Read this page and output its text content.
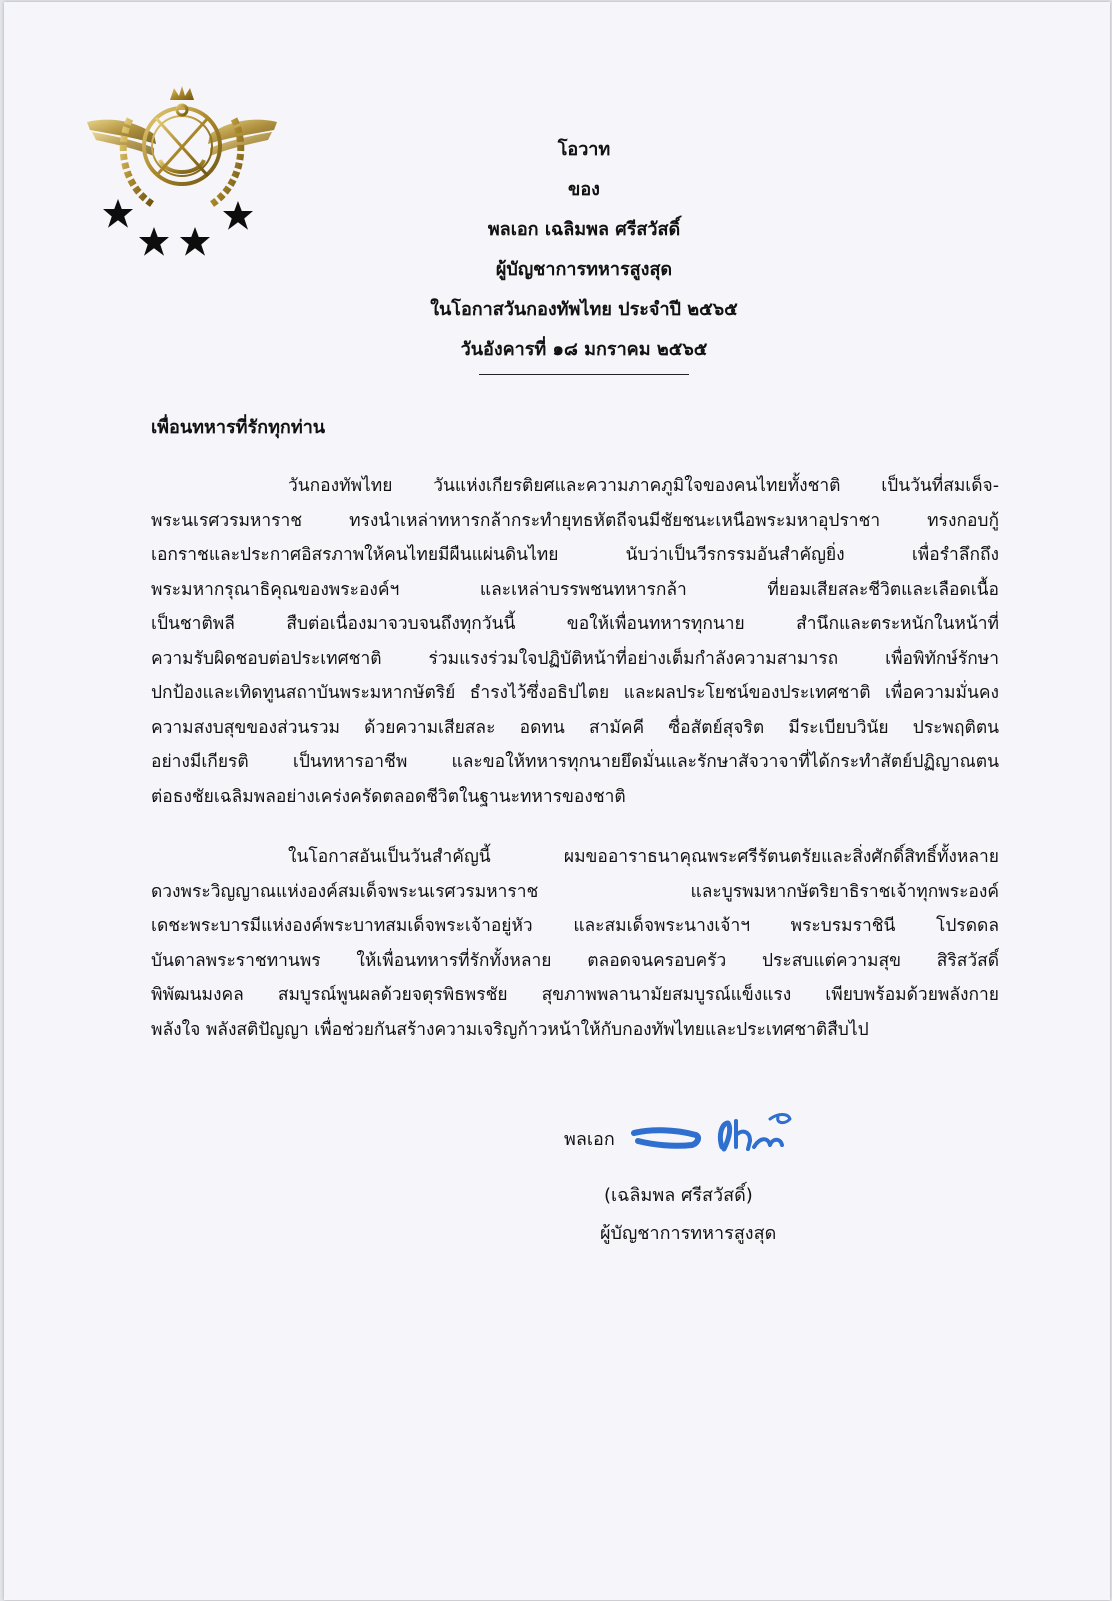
โอวาท
ของ
พลเอก เฉลิมพล ศรีสวัสดิ์
ผู้บัญชาการทหารสูงสุด
ในโอกาสวันกองทัพไทย ประจำปี ๒๕๖๕
วันอังคารที่ ๑๘ มกราคม ๒๕๖๕
เพื่อนทหารที่รักทุกท่าน
วันกองทัพไทย วันแห่งเกียรติยศและความภาคภูมิใจของคนไทยทั้งชาติ เป็นวันที่สมเด็จ-
พระนเรศวรมหาราช ทรงนำเหล่าทหารกล้ากระทำยุทธหัตถีจนมีชัยชนะเหนือพระมหาอุปราชา ทรงกอบกู้
เอกราชและประกาศอิสรภาพให้คนไทยมีผืนแผ่นดินไทย นับว่าเป็นวีรกรรมอันสำคัญยิ่ง เพื่อรำลึกถึง
พระมหากรุณาธิคุณของพระองค์ฯ และเหล่าบรรพชนทหารกล้า ที่ยอมเสียสละชีวิตและเลือดเนื้อ
เป็นชาติพลี สืบต่อเนื่องมาจวบจนถึงทุกวันนี้ ขอให้เพื่อนทหารทุกนาย สำนึกและตระหนักในหน้าที่
ความรับผิดชอบต่อประเทศชาติ ร่วมแรงร่วมใจปฏิบัติหน้าที่อย่างเต็มกำลังความสามารถ เพื่อพิทักษ์รักษา
ปกป้องและเทิดทูนสถาบันพระมหากษัตริย์ ธำรงไว้ซึ่งอธิปไตย และผลประโยชน์ของประเทศชาติ เพื่อความมั่นคง
ความสงบสุขของส่วนรวม ด้วยความเสียสละ อดทน สามัคคี ซื่อสัตย์สุจริต มีระเบียบวินัย ประพฤติตน
อย่างมีเกียรติ เป็นทหารอาชีพ และขอให้ทหารทุกนายยึดมั่นและรักษาสัจวาจาที่ได้กระทำสัตย์ปฏิญาณตน
ต่อธงชัยเฉลิมพลอย่างเคร่งครัดตลอดชีวิตในฐานะทหารของชาติ
ในโอกาสอันเป็นวันสำคัญนี้ ผมขออาราธนาคุณพระศรีรัตนตรัยและสิ่งศักดิ์สิทธิ์ทั้งหลาย
ดวงพระวิญญาณแห่งองค์สมเด็จพระนเรศวรมหาราช และบูรพมหากษัตริยาธิราชเจ้าทุกพระองค์
เดชะพระบารมีแห่งองค์พระบาทสมเด็จพระเจ้าอยู่หัว และสมเด็จพระนางเจ้าฯ พระบรมราชินี โปรดดล
บันดาลพระราชทานพร ให้เพื่อนทหารที่รักทั้งหลาย ตลอดจนครอบครัว ประสบแต่ความสุข สิริสวัสดิ์
พิพัฒนมงคล สมบูรณ์พูนผลด้วยจตุรพิธพรชัย สุขภาพพลานามัยสมบูรณ์แข็งแรง เพียบพร้อมด้วยพลังกาย
พลังใจ พลังสติปัญญา เพื่อช่วยกันสร้างความเจริญก้าวหน้าให้กับกองทัพไทยและประเทศชาติสืบไป
พลเอก
(เฉลิมพล ศรีสวัสดิ์)
ผู้บัญชาการทหารสูงสุด
